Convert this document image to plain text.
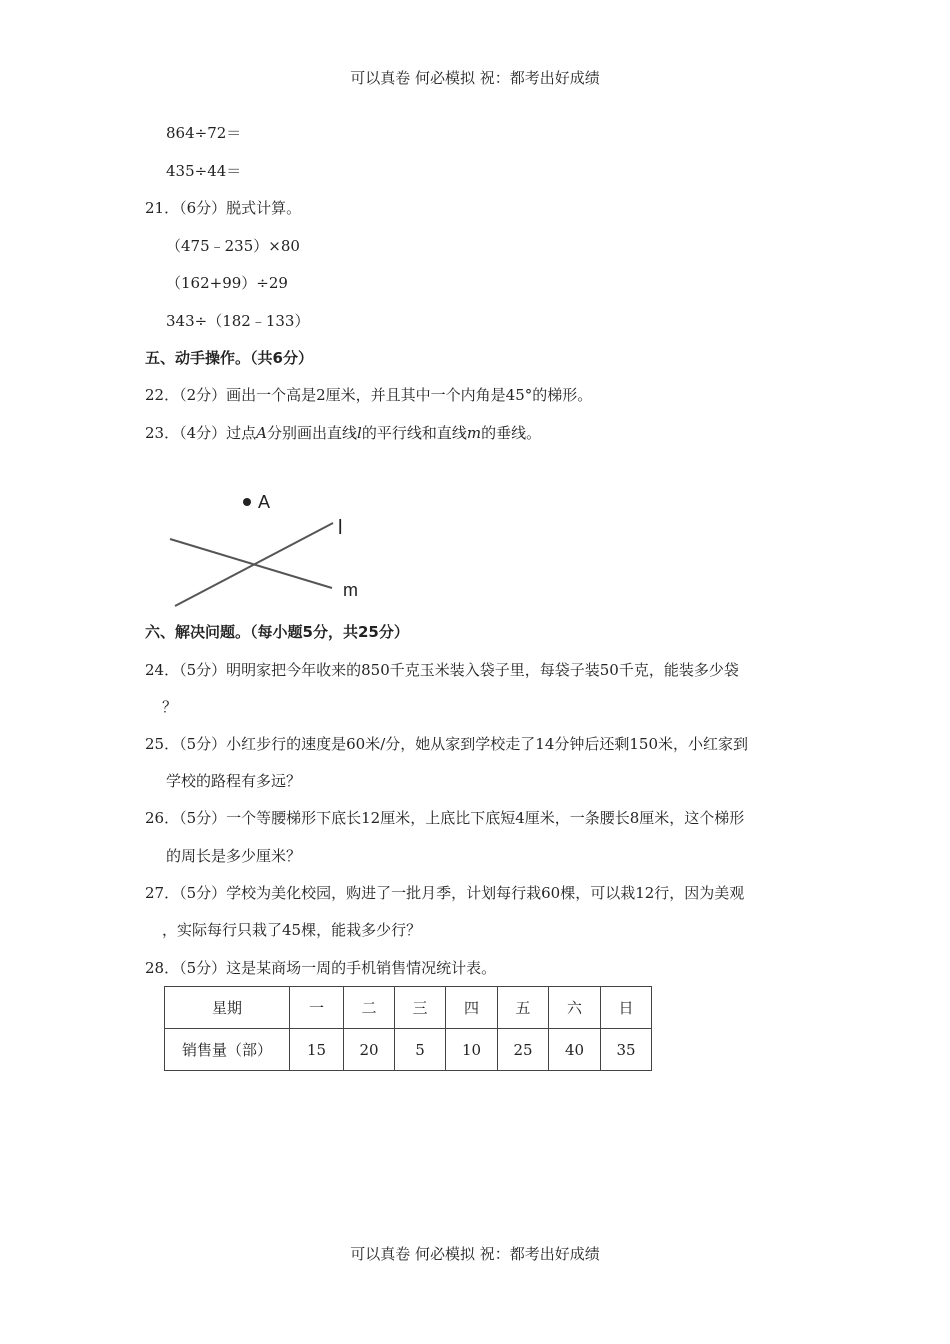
可以真卷 何必模拟 祝：都考出好成绩
864÷72＝
435÷44＝
21．（6分）脱式计算。
（475﹣235）×80
（162+99）÷29
343÷（182﹣133）
五、动手操作。（共6分）
22．（2分）画出一个高是2厘米，并且其中一个内角是45°的梯形。
23．（4分）过点A分别画出直线l的平行线和直线m的垂线。
A
l
m
六、解决问题。（每小题5分，共25分）
24．（5分）明明家把今年收来的850千克玉米装入袋子里，每袋子装50千克，能装多少袋
？
25．（5分）小红步行的速度是60米/分，她从家到学校走了14分钟后还剩150米，小红家到
学校的路程有多远？
26．（5分）一个等腰梯形下底长12厘米，上底比下底短4厘米，一条腰长8厘米，这个梯形
的周长是多少厘米？
27．（5分）学校为美化校园，购进了一批月季，计划每行栽60棵，可以栽12行，因为美观
，实际每行只栽了45棵，能栽多少行？
28．（5分）这是某商场一周的手机销售情况统计表。
星期	一	二	三	四	五	六	日
销售量（部）	15	20	5	10	25	40	35
可以真卷 何必模拟 祝：都考出好成绩
